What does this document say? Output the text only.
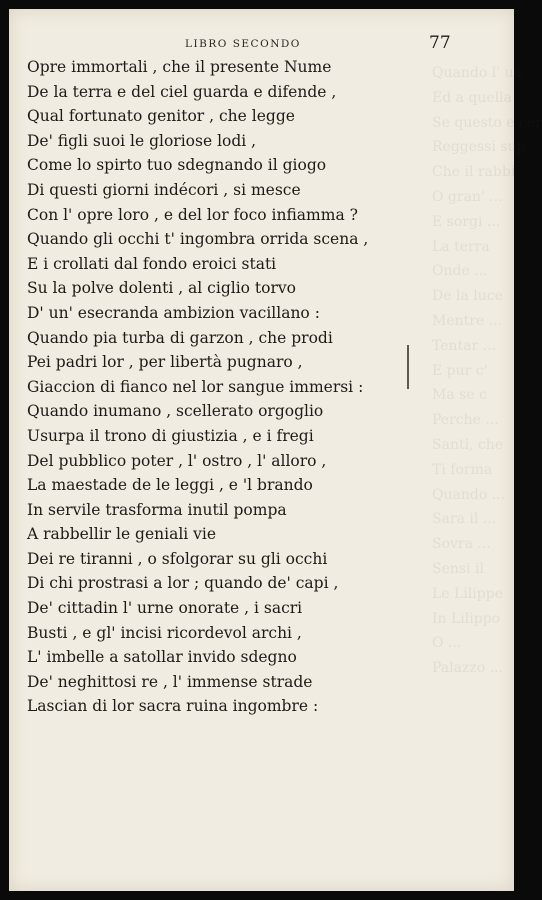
Quando l' ua
Ed a quella
Se questo e cer
Reggessi sup
Che il rabbi
O gran' ...
E sorgi ...
La terra
Onde ...
De la luce
Mentre ...
Tentar ...
E pur c'
Ma se c
Perche ...
Santi, che
Ti forma
Quando ...
Sara il ...
Sovra ...
Sensi il
Le Lilippe
In Lilippo
O ...
Palazzo ...
LIBRO SECONDO	77
Opre immortali , che il presente Nume
De la terra e del ciel guarda e difende ,
Qual fortunato genitor , che legge
De' figli suoi le gloriose lodi ,
Come lo spirto tuo sdegnando il giogo
Di questi giorni indécori , si mesce
Con l' opre loro , e del lor foco infiamma ?
Quando gli occhi t' ingombra orrida scena ,
E i crollati dal fondo eroici stati
Su la polve dolenti , al ciglio torvo
D' un' esecranda ambizion vacillano :
Quando pia turba di garzon , che prodi
Pei padri lor , per libertà pugnaro ,
Giaccion di fianco nel lor sangue immersi :
Quando inumano , scellerato orgoglio
Usurpa il trono di giustizia , e i fregi
Del pubblico poter , l' ostro , l' alloro ,
La maestade de le leggi , e 'l brando
In servile trasforma inutil pompa
A rabbellir le geniali vie
Dei re tiranni , o sfolgorar su gli occhi
Di chi prostrasi a lor ; quando de' capi ,
De' cittadin l' urne onorate , i sacri
Busti , e gl' incisi ricordevol archi ,
L' imbelle a satollar invido sdegno
De' neghittosi re , l' immense strade
Lascian di lor sacra ruina ingombre :
